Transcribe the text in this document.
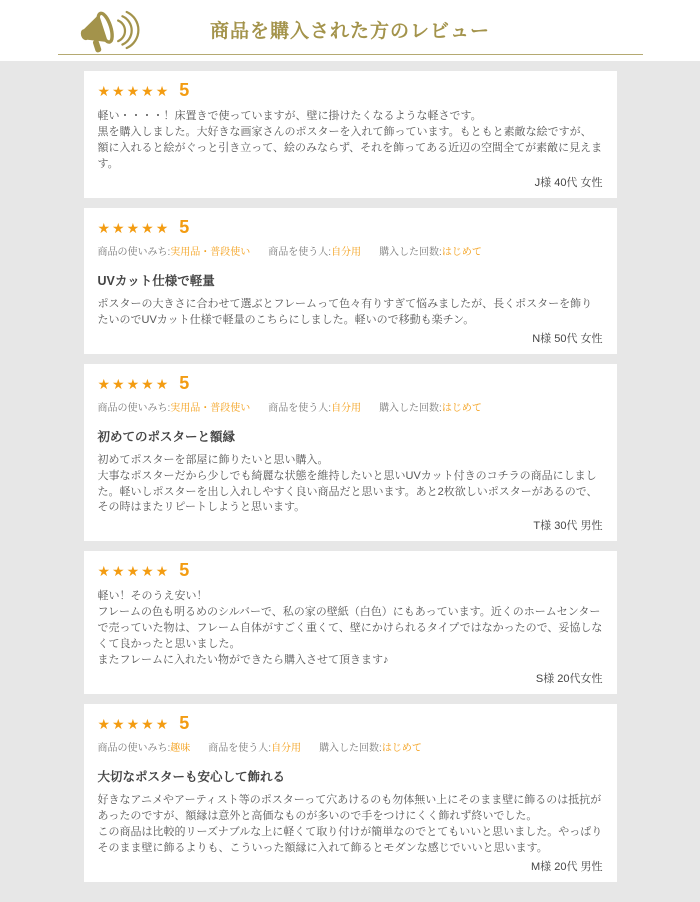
商品を購入された方のレビュー
★★★★★ 5

軽い・・・・！床置きで使っていますが、壁に掛けたくなるような軽さです。

黒を購入しました。大好きな画家さんのポスターを入れて飾っています。もともと素敵な絵ですが、額に入れると絵がぐっと引き立って、絵のみならず、それを飾ってある近辺の空間全てが素敵に見えます。

J様 40代 女性
★★★★★ 5
商品の使いみち:実用品・普段使い 商品を使う人:自分用 購入した回数:はじめて
UVカット仕様で軽量

ポスターの大きさに合わせて選ぶとフレームって色々有りすぎて悩みましたが、長くポスターを飾りたいのでUVカット仕様で軽量のこちらにしました。軽いので移動も楽チン。

N様 50代 女性
★★★★★ 5
商品の使いみち:実用品・普段使い 商品を使う人:自分用 購入した回数:はじめて
初めてのポスターと額縁

初めてポスターを部屋に飾りたいと思い購入。

大事なポスターだから少しでも綺麗な状態を維持したいと思いUVカット付きのコチラの商品にしました。軽いしポスターを出し入れしやすく良い商品だと思います。あと2枚欲しいポスターがあるので、その時はまたリピートしようと思います。

T様 30代 男性
★★★★★ 5

軽い！そのうえ安い！

フレームの色も明るめのシルバーで、私の家の壁紙（白色）にもあっています。近くのホームセンターで売っていた物は、フレーム自体がすごく重くて、壁にかけられるタイプではなかったので、妥協しなくて良かったと思いました。

またフレームに入れたい物ができたら購入させて頂きます♪

S様 20代女性
★★★★★ 5
商品の使いみち:趣味 商品を使う人:自分用 購入した回数:はじめて
大切なポスターも安心して飾れる

好きなアニメやアーティスト等のポスターって穴あけるのも勿体無い上にそのまま壁に飾るのは抵抗があったのですが、額縁は意外と高価なものが多いので手をつけにくく飾れず終いでした。

この商品は比較的リーズナブルな上に軽くて取り付けが簡単なのでとてもいいと思いました。やっぱりそのまま壁に飾るよりも、こういった額縁に入れて飾るとモダンな感じでいいと思います。

M様 20代 男性
